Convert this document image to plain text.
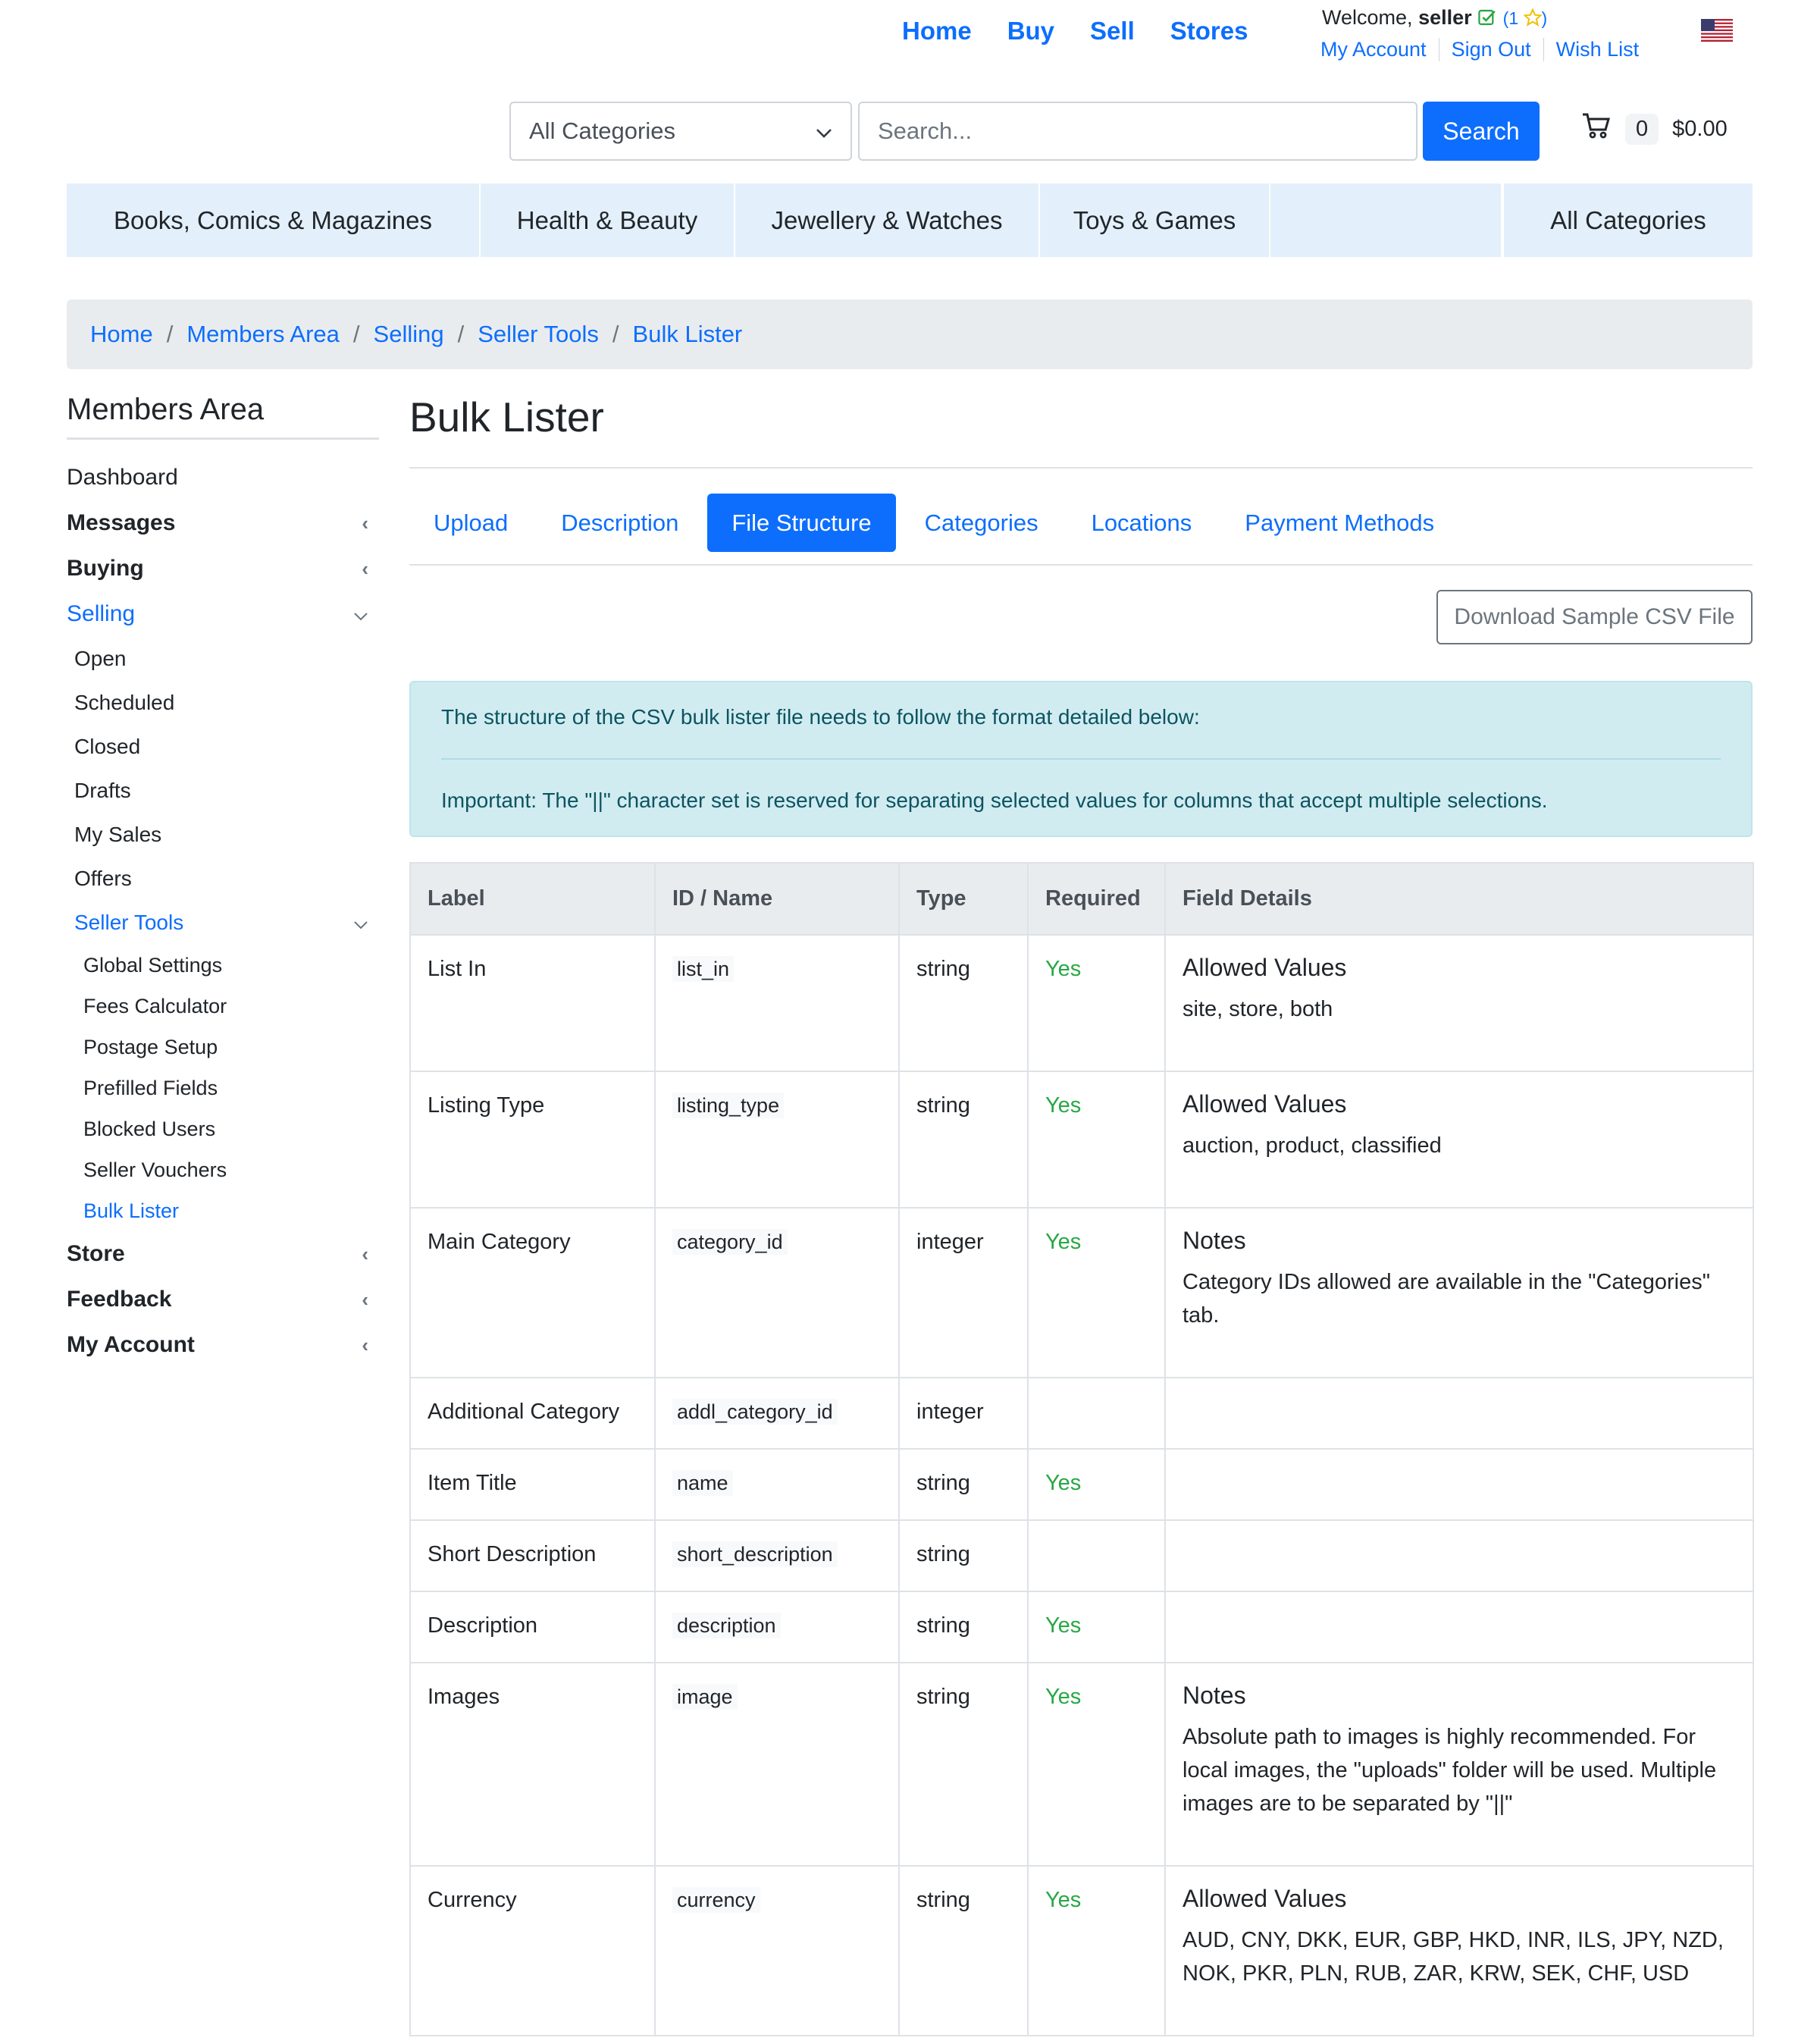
Home Buy Sell Stores	Welcome, seller (1 )
My Account	Sign Out	Wish List
All Categories	Search...	Search	0	$0.00
Books, Comics & Magazines	Health & Beauty	Jewellery & Watches	Toys & Games	All Categories
Home / Members Area / Selling / Seller Tools / Bulk Lister
Members Area
Dashboard
Messages	‹
Buying	‹
Selling
Open
Scheduled
Closed
Drafts
My Sales
Offers
Seller Tools
Global Settings
Fees Calculator
Postage Setup
Prefilled Fields
Blocked Users
Seller Vouchers
Bulk Lister
Store	‹
Feedback	‹
My Account	‹
Bulk Lister
Upload	Description	File Structure	Categories	Locations	Payment Methods
Download Sample CSV File
The structure of the CSV bulk lister file needs to follow the format detailed below:
Important: The "||" character set is reserved for separating selected values for columns that accept multiple selections.
Label	ID / Name	Type	Required	Field Details
List In	list_in	string	Yes	Allowed Values
site, store, both

Listing Type	listing_type	string	Yes	Allowed Values
auction, product, classified

Main Category	category_id	integer	Yes	Notes
Category IDs allowed are available in the "Categories" tab.

Additional Category	addl_category_id	integer		
Item Title	name	string	Yes	
Short Description	short_description	string		
Description	description	string	Yes	
Images	image	string	Yes	Notes
Absolute path to images is highly recommended. For local images, the "uploads" folder will be used. Multiple images are to be separated by "||"

Currency	currency	string	Yes	Allowed Values
AUD, CNY, DKK, EUR, GBP, HKD, INR, ILS, JPY, NZD, NOK, PKR, PLN, RUB, ZAR, KRW, SEK, CHF, USD
